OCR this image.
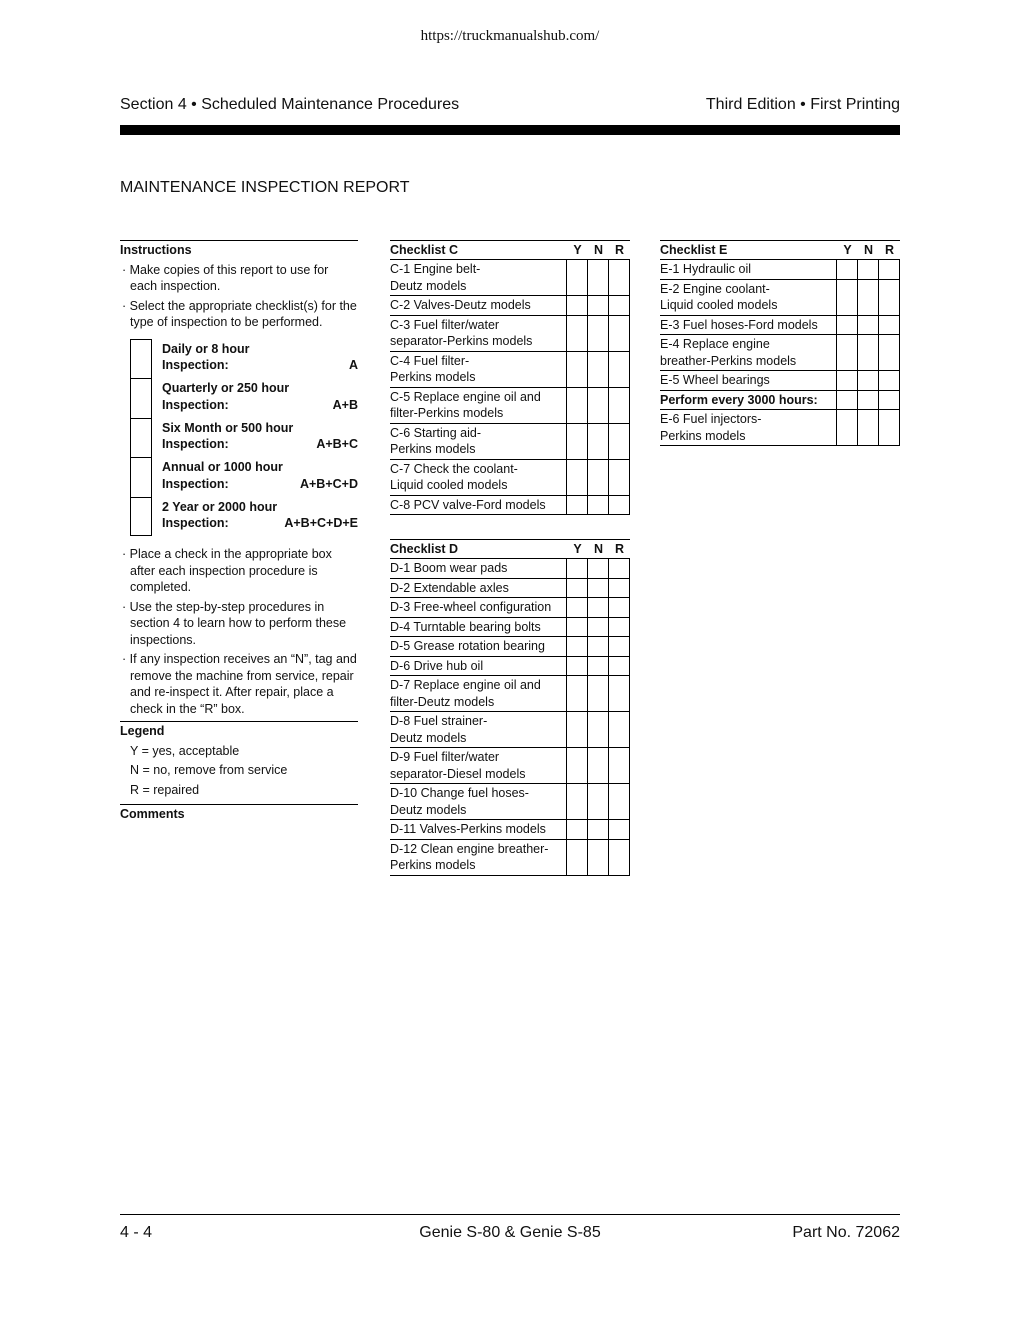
https://truckmanualshub.com/
Section 4 • Scheduled Maintenance Procedures	Third Edition • First Printing
MAINTENANCE INSPECTION REPORT
Instructions
· Make copies of this report to use for each inspection.
· Select the appropriate checklist(s) for the type of inspection to be performed.
Daily or 8 hour
Inspection:	A
Quarterly or 250 hour
Inspection:	A+B
Six Month or 500 hour
Inspection:	A+B+C
Annual or 1000 hour
Inspection:	A+B+C+D
2 Year or 2000 hour
Inspection:	A+B+C+D+E
· Place a check in the appropriate box after each inspection procedure is completed.
· Use the step-by-step procedures in section 4 to learn how to perform these inspections.
· If any inspection receives an “N”, tag and remove the machine from service, repair and re-inspect it. After repair, place a check in the “R” box.
Legend
Y = yes, acceptable
N = no, remove from service
R = repaired
Comments
Checklist C	Y N R
C-1 Engine belt-
Deutz models
C-2 Valves-Deutz models
C-3 Fuel filter/water
separator-Perkins models
C-4 Fuel filter-
Perkins models
C-5 Replace engine oil and
filter-Perkins models
C-6 Starting aid-
Perkins models
C-7 Check the coolant-
Liquid cooled models
C-8 PCV valve-Ford models
Checklist D	Y N R
D-1 Boom wear pads
D-2 Extendable axles
D-3 Free-wheel configuration
D-4 Turntable bearing bolts
D-5 Grease rotation bearing
D-6 Drive hub oil
D-7 Replace engine oil and
filter-Deutz models
D-8 Fuel strainer-
Deutz models
D-9 Fuel filter/water
separator-Diesel models
D-10 Change fuel hoses-
Deutz models
D-11 Valves-Perkins models
D-12 Clean engine breather-
Perkins models
Checklist E	Y N R
E-1 Hydraulic oil
E-2 Engine coolant-
Liquid cooled models
E-3 Fuel hoses-Ford models
E-4 Replace engine
breather-Perkins models
E-5 Wheel bearings
Perform every 3000 hours:
E-6 Fuel injectors-
Perkins models
4 - 4	Genie S-80 & Genie S-85	Part No. 72062
